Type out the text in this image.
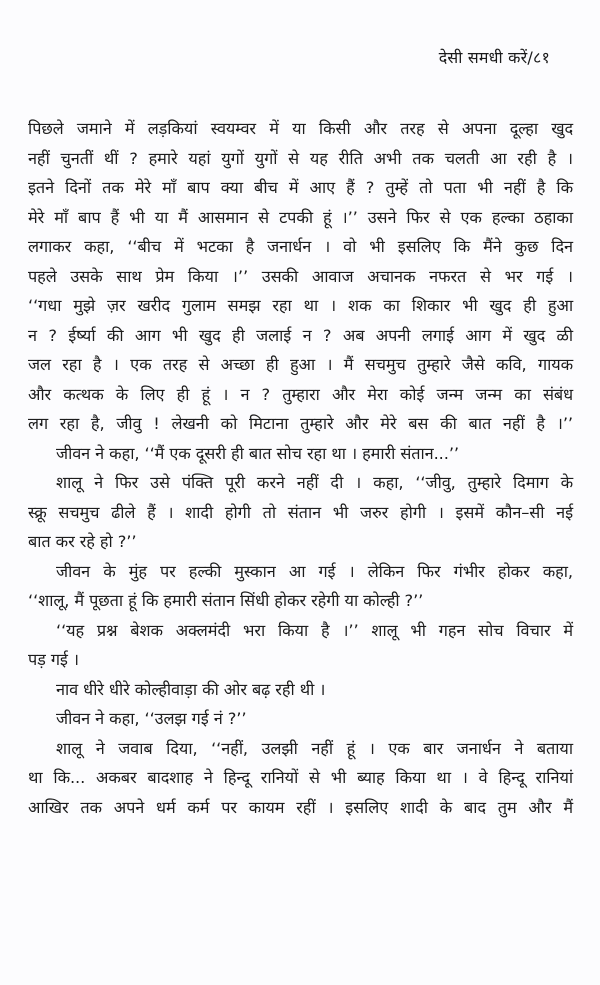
देसी समधी करें/८१
पिछले जमाने में लड़कियां स्वयम्वर में या किसी और तरह से अपना दूल्हा खुद
नहीं चुनतीं थीं ? हमारे यहां युगों युगों से यह रीति अभी तक चलती आ रही है ।
इतने दिनों तक मेरे माँ बाप क्या बीच में आए हैं ? तुम्हें तो पता भी नहीं है कि
मेरे माँ बाप हैं भी या मैं आसमान से टपकी हूं ।’’ उसने फिर से एक हल्का ठहाका
लगाकर कहा, ‘‘बीच में भटका है जनार्धन । वो भी इसलिए कि मैंने कुछ दिन
पहले उसके साथ प्रेम किया ।’’ उसकी आवाज अचानक नफरत से भर गई ।
‘‘गधा मुझे ज़र खरीद गुलाम समझ रहा था । शक का शिकार भी खुद ही हुआ
न ? ईर्ष्या की आग भी खुद ही जलाई न ? अब अपनी लगाई आग में खुद ळी
जल रहा है । एक तरह से अच्छा ही हुआ । मैं सचमुच तुम्हारे जैसे कवि, गायक
और कत्थक के लिए ही हूं । न ? तुम्हारा और मेरा कोई जन्म जन्म का संबंध
लग रहा है, जीवु ! लेखनी को मिटाना तुम्हारे और मेरे बस की बात नहीं है ।’’
जीवन ने कहा, ‘‘मैं एक दूसरी ही बात सोच रहा था । हमारी संतान...’’
शालू ने फिर उसे पंक्ति पूरी करने नहीं दी । कहा, ‘‘जीवु, तुम्हारे दिमाग के
स्क्रू सचमुच ढीले हैं । शादी होगी तो संतान भी जरुर होगी । इसमें कौन–सी नई
बात कर रहे हो ?’’
जीवन के मुंह पर हल्की मुस्कान आ गई । लेकिन फिर गंभीर होकर कहा,
‘‘शालू, मैं पूछता हूं कि हमारी संतान सिंधी होकर रहेगी या कोल्ही ?’’
‘‘यह प्रश्न बेशक अक्लमंदी भरा किया है ।’’ शालू भी गहन सोच विचार में
पड़ गई ।
नाव धीरे धीरे कोल्हीवाड़ा की ओर बढ़ रही थी ।
जीवन ने कहा, ‘‘उलझ गई नं ?’’
शालू ने जवाब दिया, ‘‘नहीं, उलझी नहीं हूं । एक बार जनार्धन ने बताया
था कि... अकबर बादशाह ने हिन्दू रानियों से भी ब्याह किया था । वे हिन्दू रानियां
आखिर तक अपने धर्म कर्म पर कायम रहीं । इसलिए शादी के बाद तुम और मैं
